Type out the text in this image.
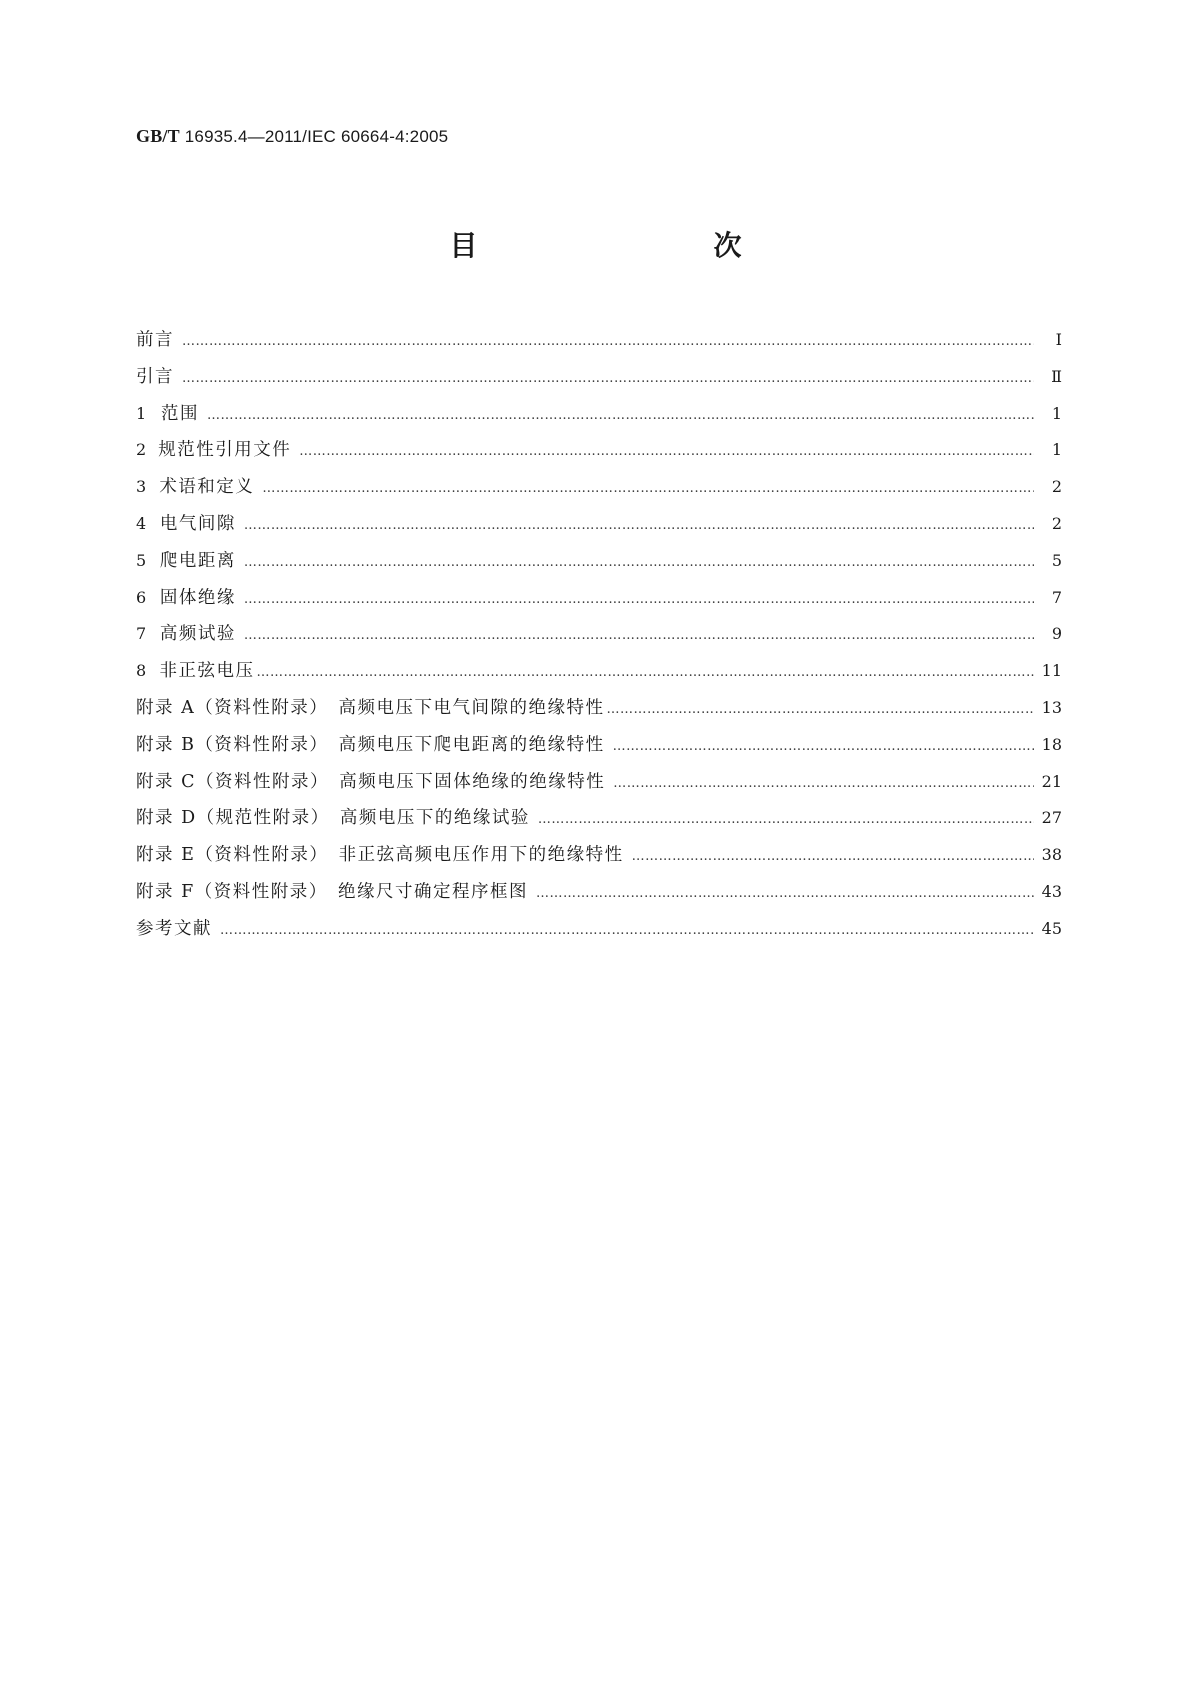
GB/T 16935.4—2011/IEC 60664-4:2005
目　　次
前言 …………………………………………………………………………………………………………………………………………………………………………………………………………	Ⅰ
引言 …………………………………………………………………………………………………………………………………………………………………………………………………………	Ⅱ
1 范围 …………………………………………………………………………………………………………………………………………………………………………………………………………	1
2 规范性引用文件 …………………………………………………………………………………………………………………………………………………………………………………………………………	1
3 术语和定义 …………………………………………………………………………………………………………………………………………………………………………………………………………	2
4 电气间隙 …………………………………………………………………………………………………………………………………………………………………………………………………………	2
5 爬电距离 …………………………………………………………………………………………………………………………………………………………………………………………………………	5
6 固体绝缘 …………………………………………………………………………………………………………………………………………………………………………………………………………	7
7 高频试验 …………………………………………………………………………………………………………………………………………………………………………………………………………	9
8 非正弦电压 …………………………………………………………………………………………………………………………………………………………………………………………………………	11
附录 A（资料性附录）　高频电压下电气间隙的绝缘特性 …………………………………………………………………………………………………………………………………………………………………………………………………………	13
附录 B（资料性附录）　高频电压下爬电距离的绝缘特性 …………………………………………………………………………………………………………………………………………………………………………………………………………	18
附录 C（资料性附录）　高频电压下固体绝缘的绝缘特性 …………………………………………………………………………………………………………………………………………………………………………………………………………	21
附录 D（规范性附录）　高频电压下的绝缘试验 …………………………………………………………………………………………………………………………………………………………………………………………………………	27
附录 E（资料性附录）　非正弦高频电压作用下的绝缘特性 …………………………………………………………………………………………………………………………………………………………………………………………………………	38
附录 F（资料性附录）　绝缘尺寸确定程序框图 …………………………………………………………………………………………………………………………………………………………………………………………………………	43
参考文献 …………………………………………………………………………………………………………………………………………………………………………………………………………	45
